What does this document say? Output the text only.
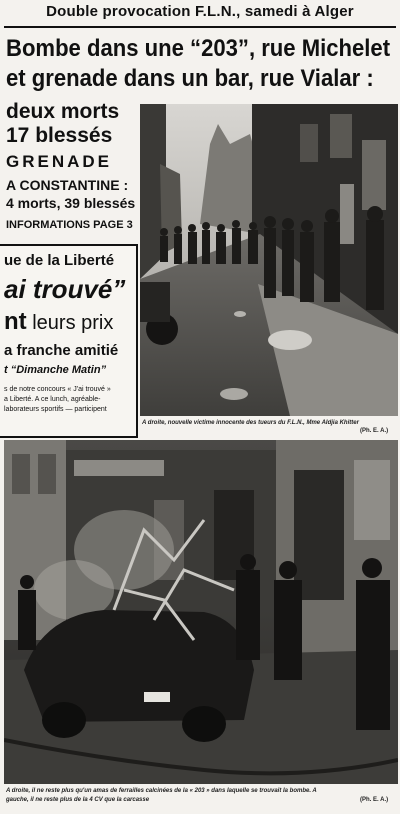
Double provocation F.L.N., samedi à Alger
Bombe dans une “203”, rue Michelet
et grenade dans un bar, rue Vialar :
deux morts
17 blessés
GRENADE
A CONSTANTINE :
4 morts, 39 blessés
INFORMATIONS PAGE 3
ue de la Liberté
ai trouvé”
nt leurs prix
a franche amitié
t “Dimanche Matin”
s de notre concours « J'ai trouvé »
a Liberté. A ce lunch, agréable-
laborateurs sportifs — participent
A droite, nouvelle victime innocente des tueurs du F.L.N., Mme Aldjia Khitter
(Ph. E. A.)
A droite, il ne reste plus qu'un amas de ferrailles calcinées de la « 203 » dans laquelle se trouvait la bombe. A
gauche, il ne reste plus de la 4 CV que la carcasse	(Ph. E. A.)
